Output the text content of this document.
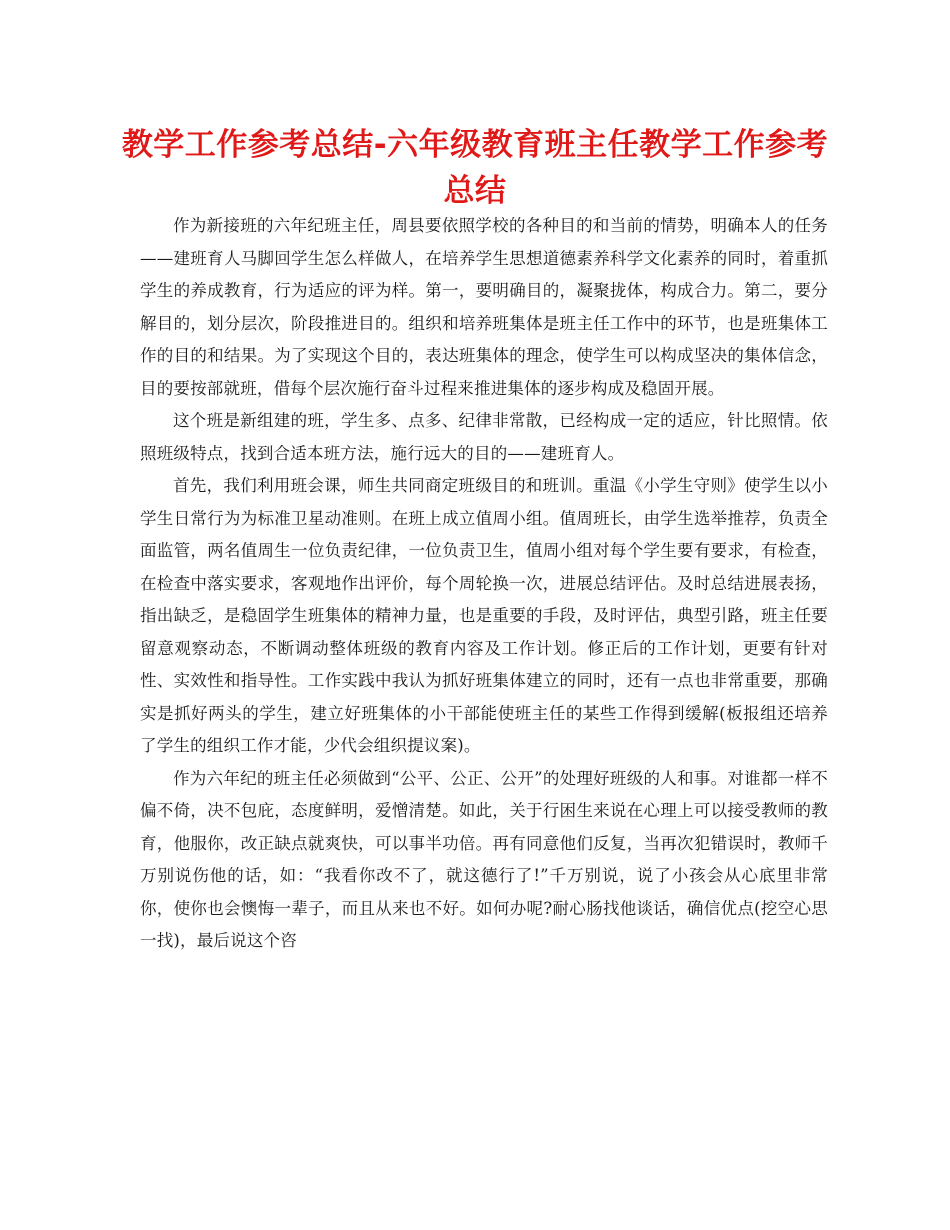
教学工作参考总结-六年级教育班主任教学工作参考总结

作为新接班的六年纪班主任，周县要依照学校的各种目的和当前的情势，明确本人的任务——建班育人马脚回学生怎么样做人，在培养学生思想道德素养科学文化素养的同时，着重抓学生的养成教育，行为适应的评为样。第一，要明确目的，凝聚拢体，构成合力。第二，要分解目的，划分层次，阶段推进目的。组织和培养班集体是班主任工作中的环节，也是班集体工作的目的和结果。为了实现这个目的，表达班集体的理念，使学生可以构成坚决的集体信念，目的要按部就班，借每个层次施行奋斗过程来推进集体的逐步构成及稳固开展。

这个班是新组建的班，学生多、点多、纪律非常散，已经构成一定的适应，针比照情。依照班级特点，找到合适本班方法，施行远大的目的——建班育人。

首先，我们利用班会课，师生共同商定班级目的和班训。重温《小学生守则》使学生以小学生日常行为为标准卫星动准则。在班上成立值周小组。值周班长，由学生选举推荐，负责全面监管，两名值周生一位负责纪律，一位负责卫生，值周小组对每个学生要有要求，有检查，在检查中落实要求，客观地作出评价，每个周轮换一次，进展总结评估。及时总结进展表扬，指出缺乏，是稳固学生班集体的精神力量，也是重要的手段，及时评估，典型引路，班主任要留意观察动态，不断调动整体班级的教育内容及工作计划。修正后的工作计划，更要有针对性、实效性和指导性。工作实践中我认为抓好班集体建立的同时，还有一点也非常重要，那确实是抓好两头的学生，建立好班集体的小干部能使班主任的某些工作得到缓解(板报组还培养了学生的组织工作才能，少代会组织提议案)。

作为六年纪的班主任必须做到“公平、公正、公开”的处理好班级的人和事。对谁都一样不偏不倚，决不包庇，态度鲜明，爱憎清楚。如此，关于行困生来说在心理上可以接受教师的教育，他服你，改正缺点就爽快，可以事半功倍。再有同意他们反复，当再次犯错误时，教师千万别说伤他的话，如：“我看你改不了，就这德行了!”千万别说，说了小孩会从心底里非常你，使你也会懊悔一辈子，而且从来也不好。如何办呢?耐心肠找他谈话，确信优点(挖空心思一找)，最后说这个咨
